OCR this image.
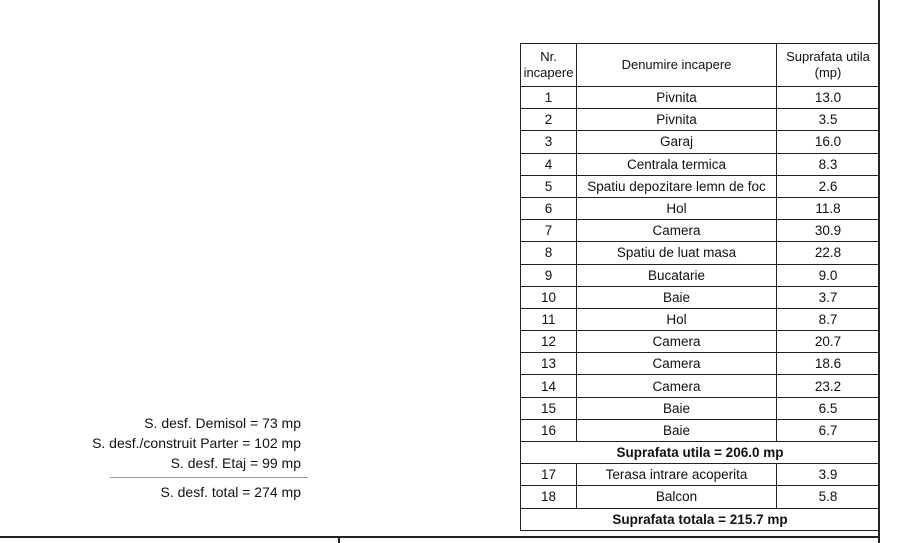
S. desf. Demisol = 73 mp
S. desf./construit Parter = 102 mp
S. desf. Etaj = 99 mp
S. desf. total = 274 mp
Nr. incapere	Denumire incapere	Suprafata utila (mp)
1	Pivnita	13.0
2	Pivnita	3.5
3	Garaj	16.0
4	Centrala termica	8.3
5	Spatiu depozitare lemn de foc	2.6
6	Hol	11.8
7	Camera	30.9
8	Spatiu de luat masa	22.8
9	Bucatarie	9.0
10	Baie	3.7
11	Hol	8.7
12	Camera	20.7
13	Camera	18.6
14	Camera	23.2
15	Baie	6.5
16	Baie	6.7
Suprafata utila = 206.0 mp		
17	Terasa intrare acoperita	3.9
18	Balcon	5.8
Suprafata totala = 215.7 mp		
